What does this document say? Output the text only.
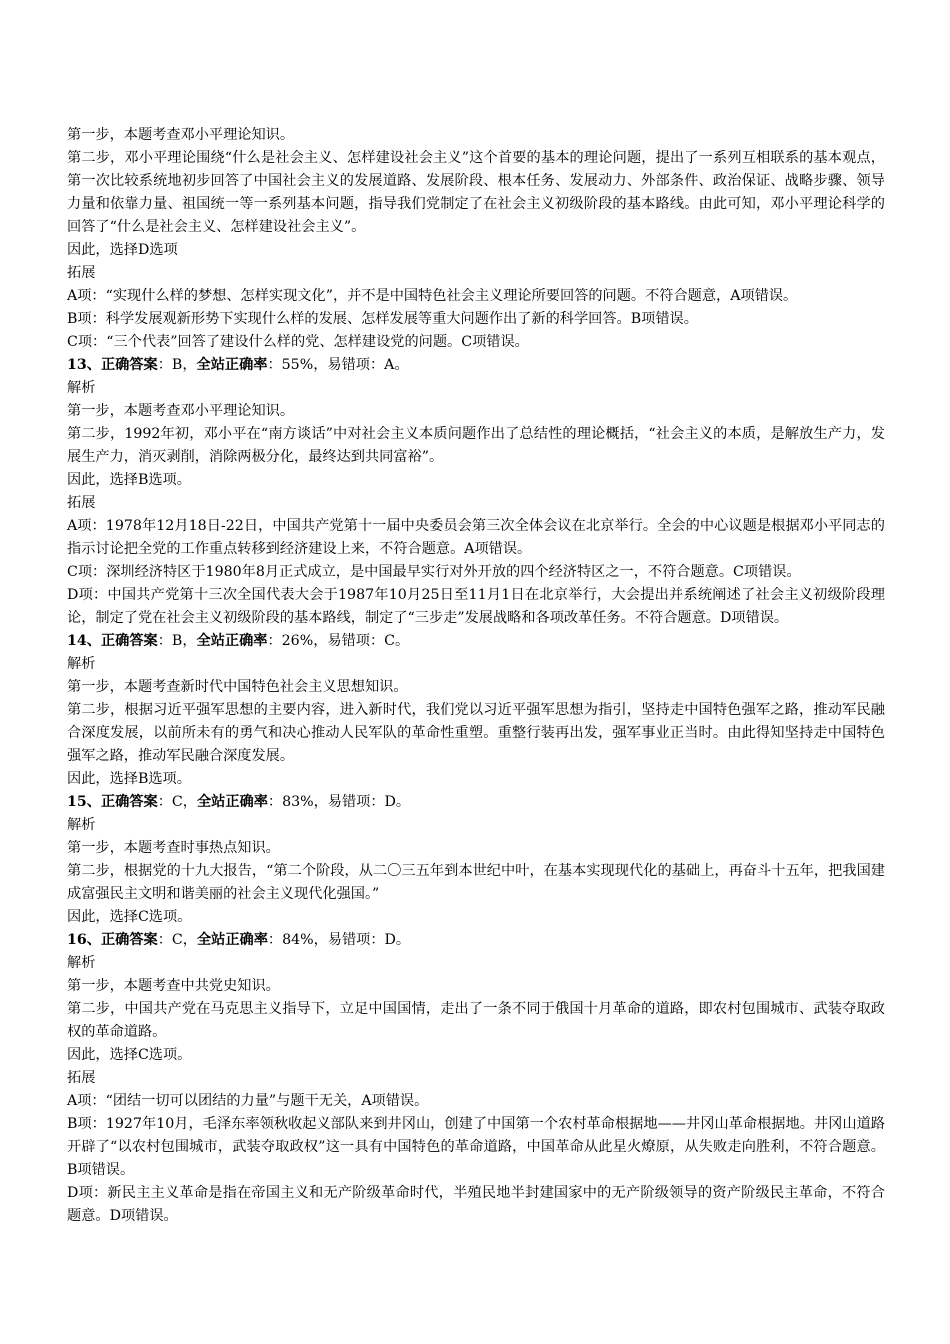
第一步，本题考查邓小平理论知识。

第二步，邓小平理论围绕“什么是社会主义、怎样建设社会主义”这个首要的基本的理论问题，提出了一系列互相联系的基本观点，第一次比较系统地初步回答了中国社会主义的发展道路、发展阶段、根本任务、发展动力、外部条件、政治保证、战略步骤、领导力量和依靠力量、祖国统一等一系列基本问题，指导我们党制定了在社会主义初级阶段的基本路线。由此可知，邓小平理论科学的回答了“什么是社会主义、怎样建设社会主义”。

因此，选择D选项

拓展

A项：“实现什么样的梦想、怎样实现文化”，并不是中国特色社会主义理论所要回答的问题。不符合题意，A项错误。

B项：科学发展观新形势下实现什么样的发展、怎样发展等重大问题作出了新的科学回答。B项错误。

C项：“三个代表”回答了建设什么样的党、怎样建设党的问题。C项错误。

13、正确答案：B，全站正确率：55%，易错项：A。

解析

第一步，本题考查邓小平理论知识。

第二步，1992年初，邓小平在“南方谈话”中对社会主义本质问题作出了总结性的理论概括，“社会主义的本质，是解放生产力，发展生产力，消灭剥削，消除两极分化，最终达到共同富裕”。

因此，选择B选项。

拓展

A项：1978年12月18日-22日，中国共产党第十一届中央委员会第三次全体会议在北京举行。全会的中心议题是根据邓小平同志的指示讨论把全党的工作重点转移到经济建设上来，不符合题意。A项错误。

C项：深圳经济特区于1980年8月正式成立，是中国最早实行对外开放的四个经济特区之一，不符合题意。C项错误。

D项：中国共产党第十三次全国代表大会于1987年10月25日至11月1日在北京举行，大会提出并系统阐述了社会主义初级阶段理论，制定了党在社会主义初级阶段的基本路线，制定了“三步走”发展战略和各项改革任务。不符合题意。D项错误。

14、正确答案：B，全站正确率：26%，易错项：C。

解析

第一步，本题考查新时代中国特色社会主义思想知识。

第二步，根据习近平强军思想的主要内容，进入新时代，我们党以习近平强军思想为指引，坚持走中国特色强军之路，推动军民融合深度发展，以前所未有的勇气和决心推动人民军队的革命性重塑。重整行装再出发，强军事业正当时。由此得知坚持走中国特色强军之路，推动军民融合深度发展。

因此，选择B选项。

15、正确答案：C，全站正确率：83%，易错项：D。

解析

第一步，本题考查时事热点知识。

第二步，根据党的十九大报告，“第二个阶段，从二〇三五年到本世纪中叶，在基本实现现代化的基础上，再奋斗十五年，把我国建成富强民主文明和谐美丽的社会主义现代化强国。”

因此，选择C选项。

16、正确答案：C，全站正确率：84%，易错项：D。

解析

第一步，本题考查中共党史知识。

第二步，中国共产党在马克思主义指导下，立足中国国情，走出了一条不同于俄国十月革命的道路，即农村包围城市、武装夺取政权的革命道路。

因此，选择C选项。

拓展

A项：“团结一切可以团结的力量”与题干无关，A项错误。

B项：1927年10月，毛泽东率领秋收起义部队来到井冈山，创建了中国第一个农村革命根据地——井冈山革命根据地。井冈山道路开辟了“以农村包围城市，武装夺取政权”这一具有中国特色的革命道路，中国革命从此星火燎原，从失败走向胜利，不符合题意。B项错误。

D项：新民主主义革命是指在帝国主义和无产阶级革命时代，半殖民地半封建国家中的无产阶级领导的资产阶级民主革命，不符合题意。D项错误。
